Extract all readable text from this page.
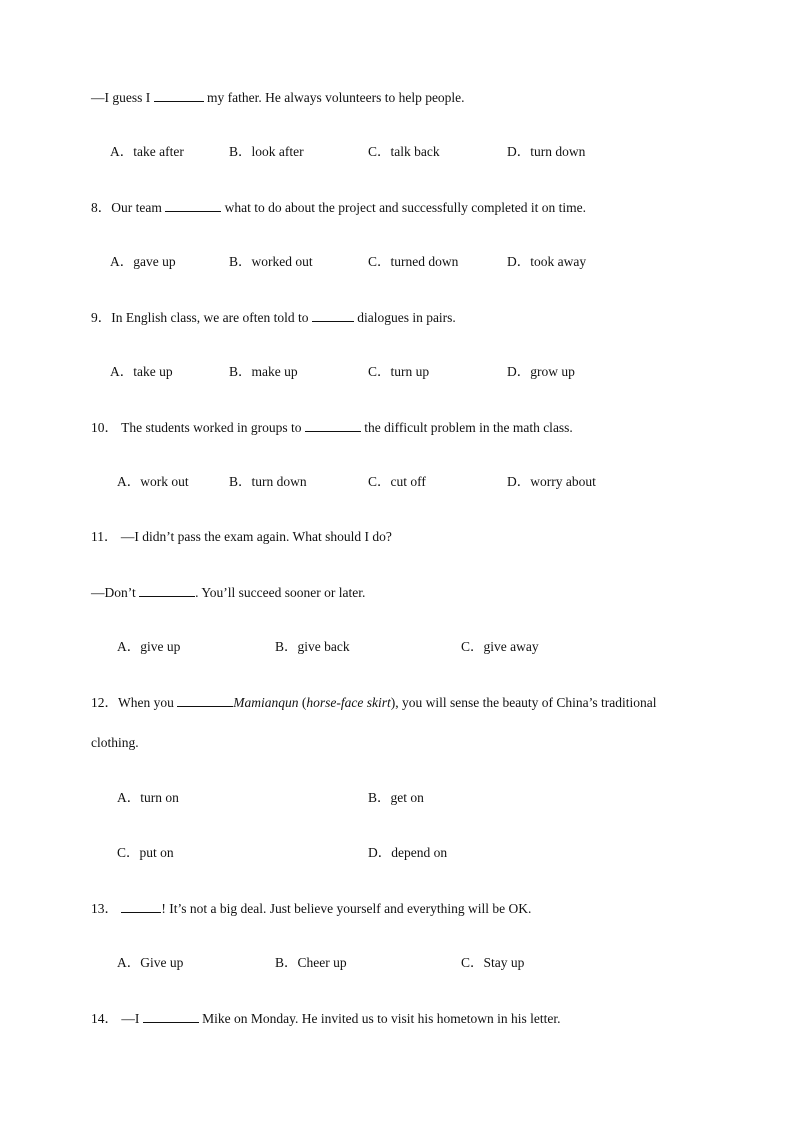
—I guess I	my father. He always volunteers to help people.
A．take after	B．look after	C．talk back	D．turn down
8．Our team	what to do about the project and successfully completed it on time.
A．gave up	B．worked out	C．turned down	D．took away
9．In English class, we are often told to	dialogues in pairs.
A．take up	B．make up	C．turn up	D．grow up
10． The students worked in groups to	the difficult problem in the math class.
A．work out	B．turn down	C．cut off	D．worry about
11． —I didn’t pass the exam again. What should I do?
—Don’t	. You’ll succeed sooner or later.
A．give up	B．give back	C．give away
12．When you	Mamianqun (horse-face skirt), you will sense the beauty of China’s traditional
clothing.
A．turn on	B．get on
C．put on	D．depend on
13．	! It’s not a big deal. Just believe yourself and everything will be OK.
A．Give up	B．Cheer up	C．Stay up
14． —I	Mike on Monday. He invited us to visit his hometown in his letter.
